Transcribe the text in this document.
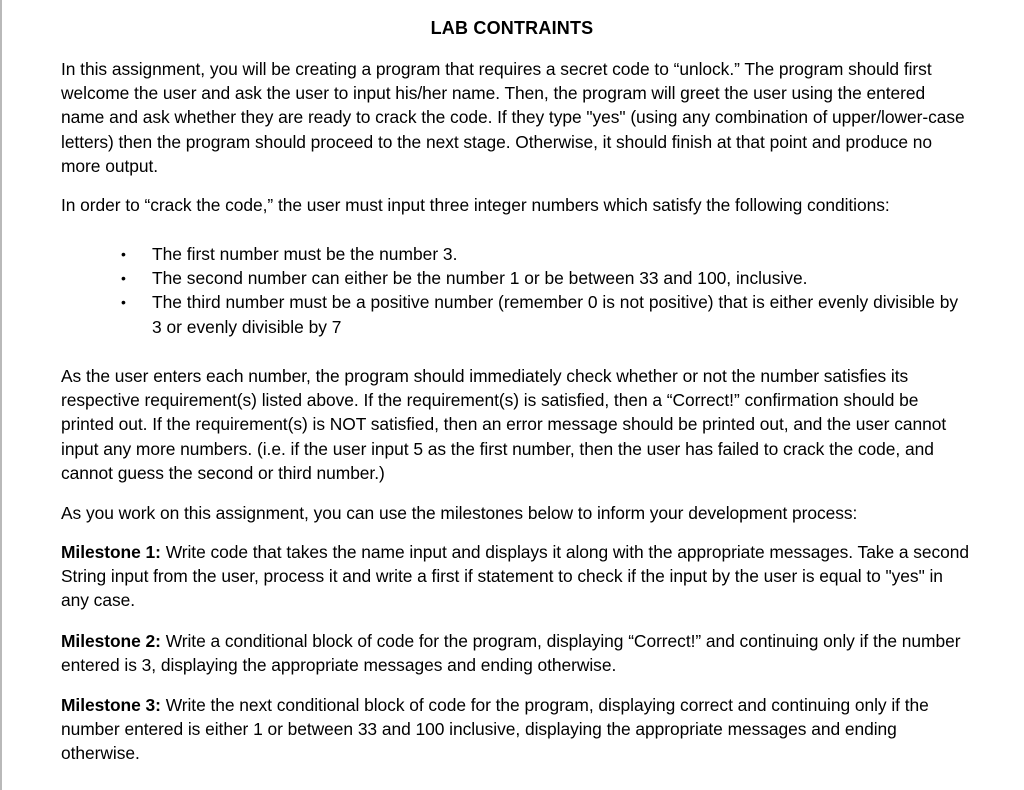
LAB CONTRAINTS
In this assignment, you will be creating a program that requires a secret code to “unlock.” The program should first welcome the user and ask the user to input his/her name. Then, the program will greet the user using the entered name and ask whether they are ready to crack the code. If they type "yes" (using any combination of upper/lower-case letters) then the program should proceed to the next stage. Otherwise, it should finish at that point and produce no more output.
In order to “crack the code,” the user must input three integer numbers which satisfy the following conditions:
• The first number must be the number 3.
• The second number can either be the number 1 or be between 33 and 100, inclusive.
• The third number must be a positive number (remember 0 is not positive) that is either evenly divisible by 3 or evenly divisible by 7
As the user enters each number, the program should immediately check whether or not the number satisfies its respective requirement(s) listed above. If the requirement(s) is satisfied, then a “Correct!” confirmation should be printed out. If the requirement(s) is NOT satisfied, then an error message should be printed out, and the user cannot input any more numbers. (i.e. if the user input 5 as the first number, then the user has failed to crack the code, and cannot guess the second or third number.)
As you work on this assignment, you can use the milestones below to inform your development process:
Milestone 1: Write code that takes the name input and displays it along with the appropriate messages. Take a second String input from the user, process it and write a first if statement to check if the input by the user is equal to "yes" in any case.
Milestone 2: Write a conditional block of code for the program, displaying “Correct!” and continuing only if the number entered is 3, displaying the appropriate messages and ending otherwise.
Milestone 3: Write the next conditional block of code for the program, displaying correct and continuing only if the number entered is either 1 or between 33 and 100 inclusive, displaying the appropriate messages and ending otherwise.
